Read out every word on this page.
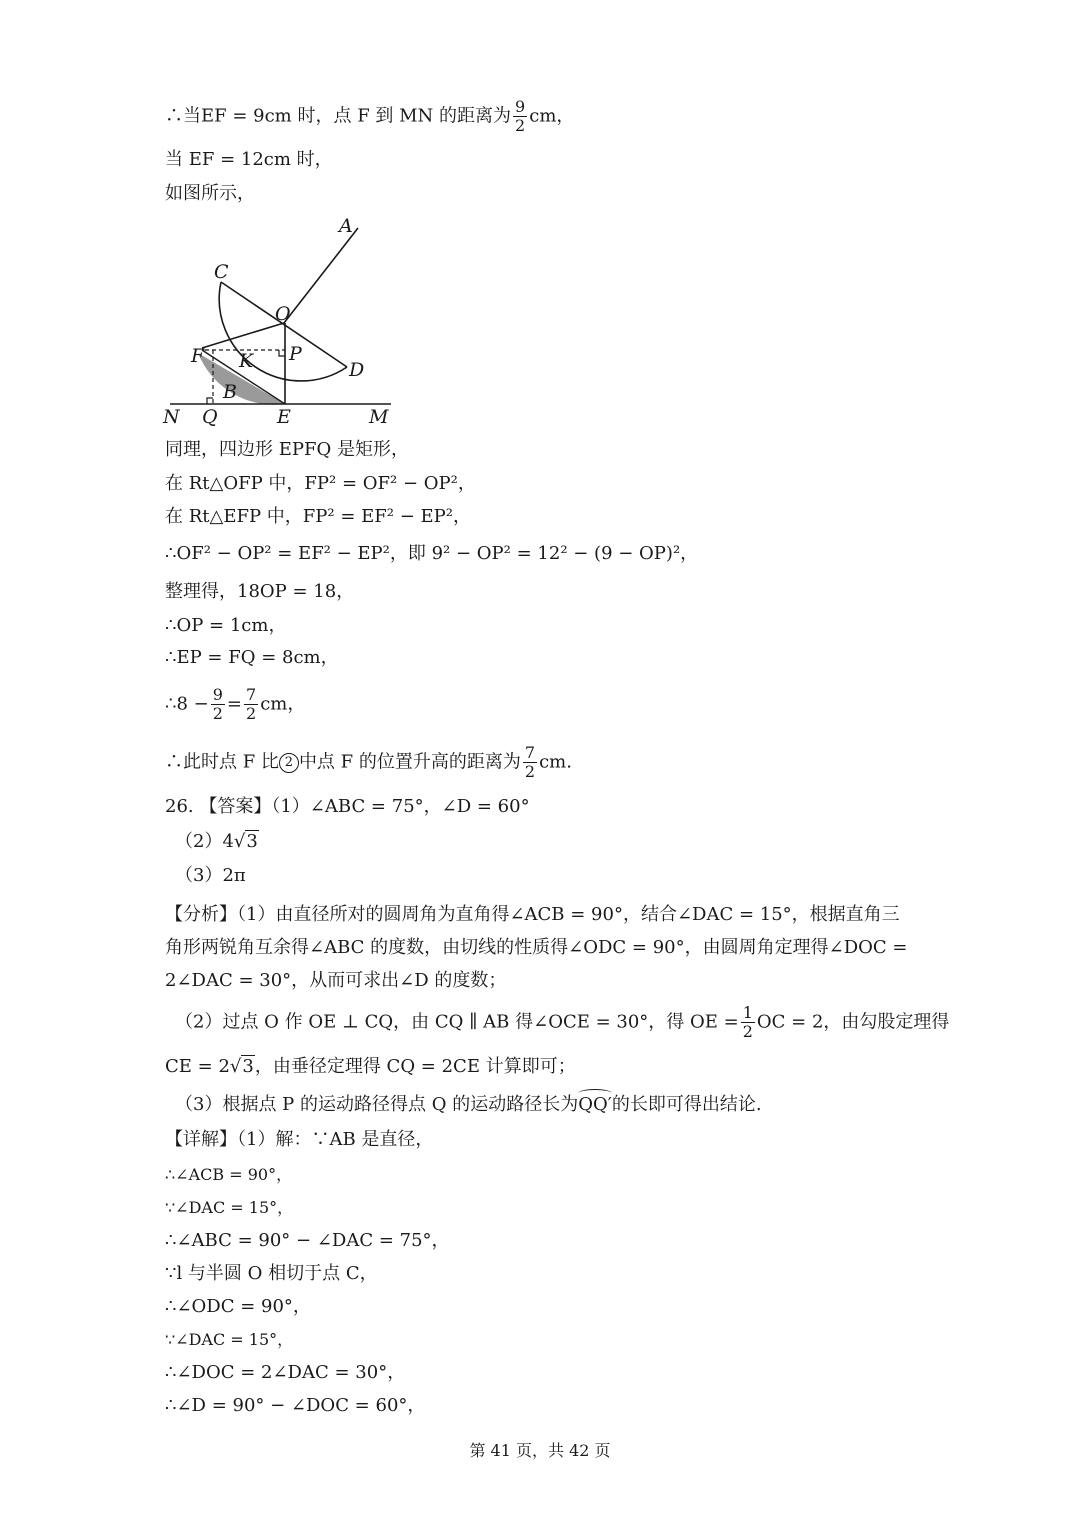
∴当EF = 9cm 时，点 F 到 MN 的距离为 $\frac{9}{2}$ cm，
当 EF = 12cm 时，
如图所示，
A
C
O
F K P
D
B
N Q	E	M
同理，四边形 EPFQ 是矩形，
在 Rt△OFP 中，FP² = OF² − OP²，
在 Rt△EFP 中，FP² = EF² − EP²，
∴OF² − OP² = EF² − EP²，即 9² − OP² = 12² − (9 − OP)²，
整理得，18OP = 18，
∴OP = 1cm，
∴EP = FQ = 8cm，
∴8 − $\frac{9}{2} = \frac{7}{2}$ cm，
∴此时点 F 比 2 中点 F 的位置升高的距离为 $\frac{7}{2}$ cm.
26. 【答案】（1）∠ABC = 75°，∠D = 60°
（2）4√3
（3）2π
【分析】（1）由直径所对的圆周角为直角得∠ACB = 90°，结合∠DAC = 15°，根据直角三角形两锐角互余得∠ABC 的度数，由切线的性质得∠ODC = 90°，由圆周角定理得∠DOC = 2∠DAC = 30°，从而可求出∠D 的度数；
（2）过点 O 作 OE ⊥ CQ，由 CQ ∥ AB 得∠OCE = 30°，得 OE = $\frac{1}{2}$ OC = 2，由勾股定理得
CE = 2√3，由垂径定理得 CQ = 2CE 计算即可；
（3）根据点 P 的运动路径得点 Q 的运动路径长为QQ′的长即可得出结论.
【详解】（1）解：∵AB 是直径，
∴∠ACB = 90°，
∵∠DAC = 15°，
∴∠ABC = 90° − ∠DAC = 75°，
∵l 与半圆 O 相切于点 C，
∴∠ODC = 90°，
∵∠DAC = 15°，
∴∠DOC = 2∠DAC = 30°，
∴∠D = 90° − ∠DOC = 60°，
第 41 页，共 42 页
